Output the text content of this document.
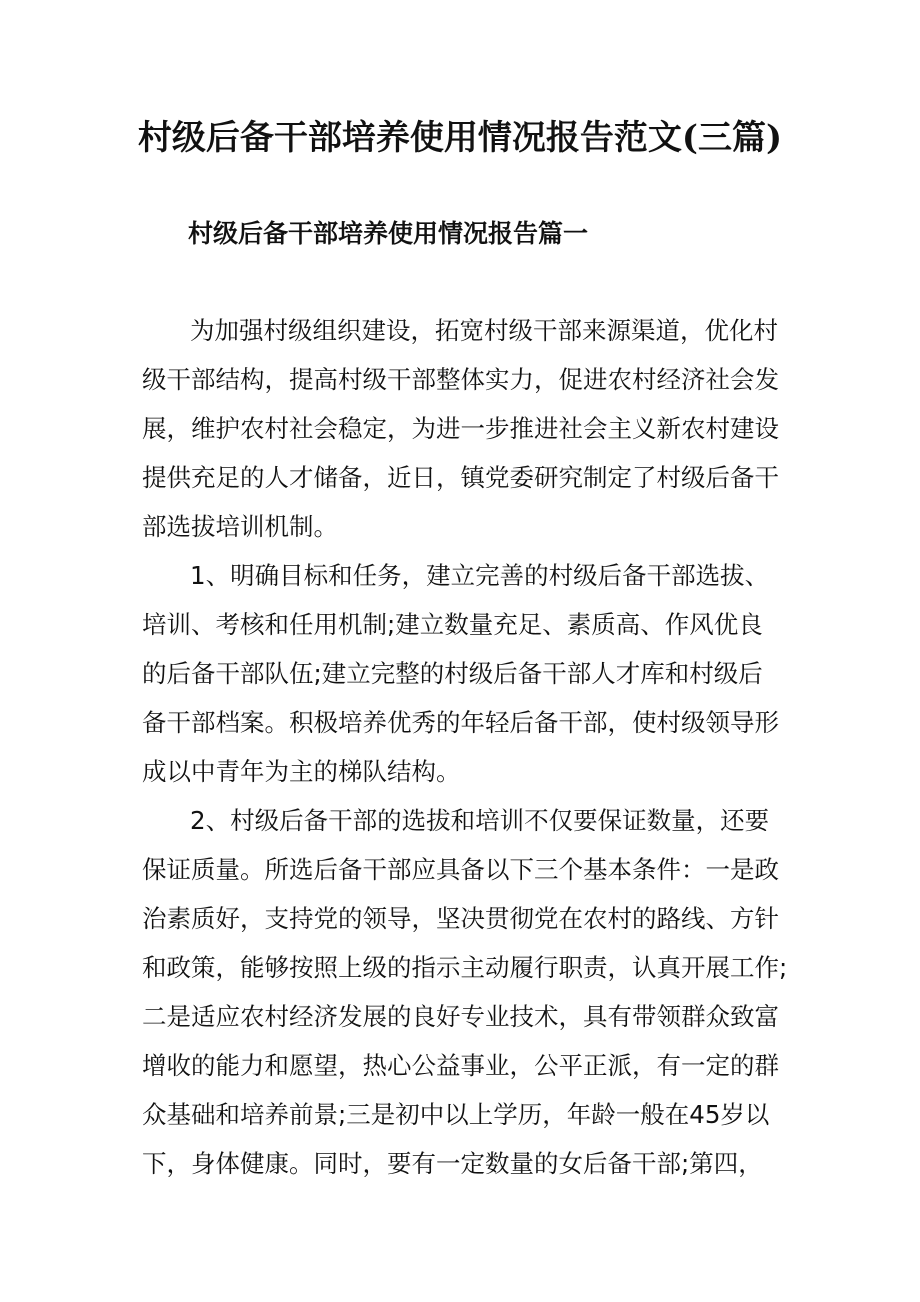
村级后备干部培养使用情况报告范文(三篇)
村级后备干部培养使用情况报告篇一
为加强村级组织建设，拓宽村级干部来源渠道，优化村
级干部结构，提高村级干部整体实力，促进农村经济社会发
展，维护农村社会稳定，为进一步推进社会主义新农村建设
提供充足的人才储备，近日，镇党委研究制定了村级后备干
部选拔培训机制。
1、明确目标和任务，建立完善的村级后备干部选拔、
培训、考核和任用机制;建立数量充足、素质高、作风优良
的后备干部队伍;建立完整的村级后备干部人才库和村级后
备干部档案。积极培养优秀的年轻后备干部，使村级领导形
成以中青年为主的梯队结构。
2、村级后备干部的选拔和培训不仅要保证数量，还要
保证质量。所选后备干部应具备以下三个基本条件：一是政
治素质好，支持党的领导，坚决贯彻党在农村的路线、方针
和政策，能够按照上级的指示主动履行职责，认真开展工作;
二是适应农村经济发展的良好专业技术，具有带领群众致富
增收的能力和愿望，热心公益事业，公平正派，有一定的群
众基础和培养前景;三是初中以上学历，年龄一般在45岁以
下，身体健康。同时，要有一定数量的女后备干部;第四，
